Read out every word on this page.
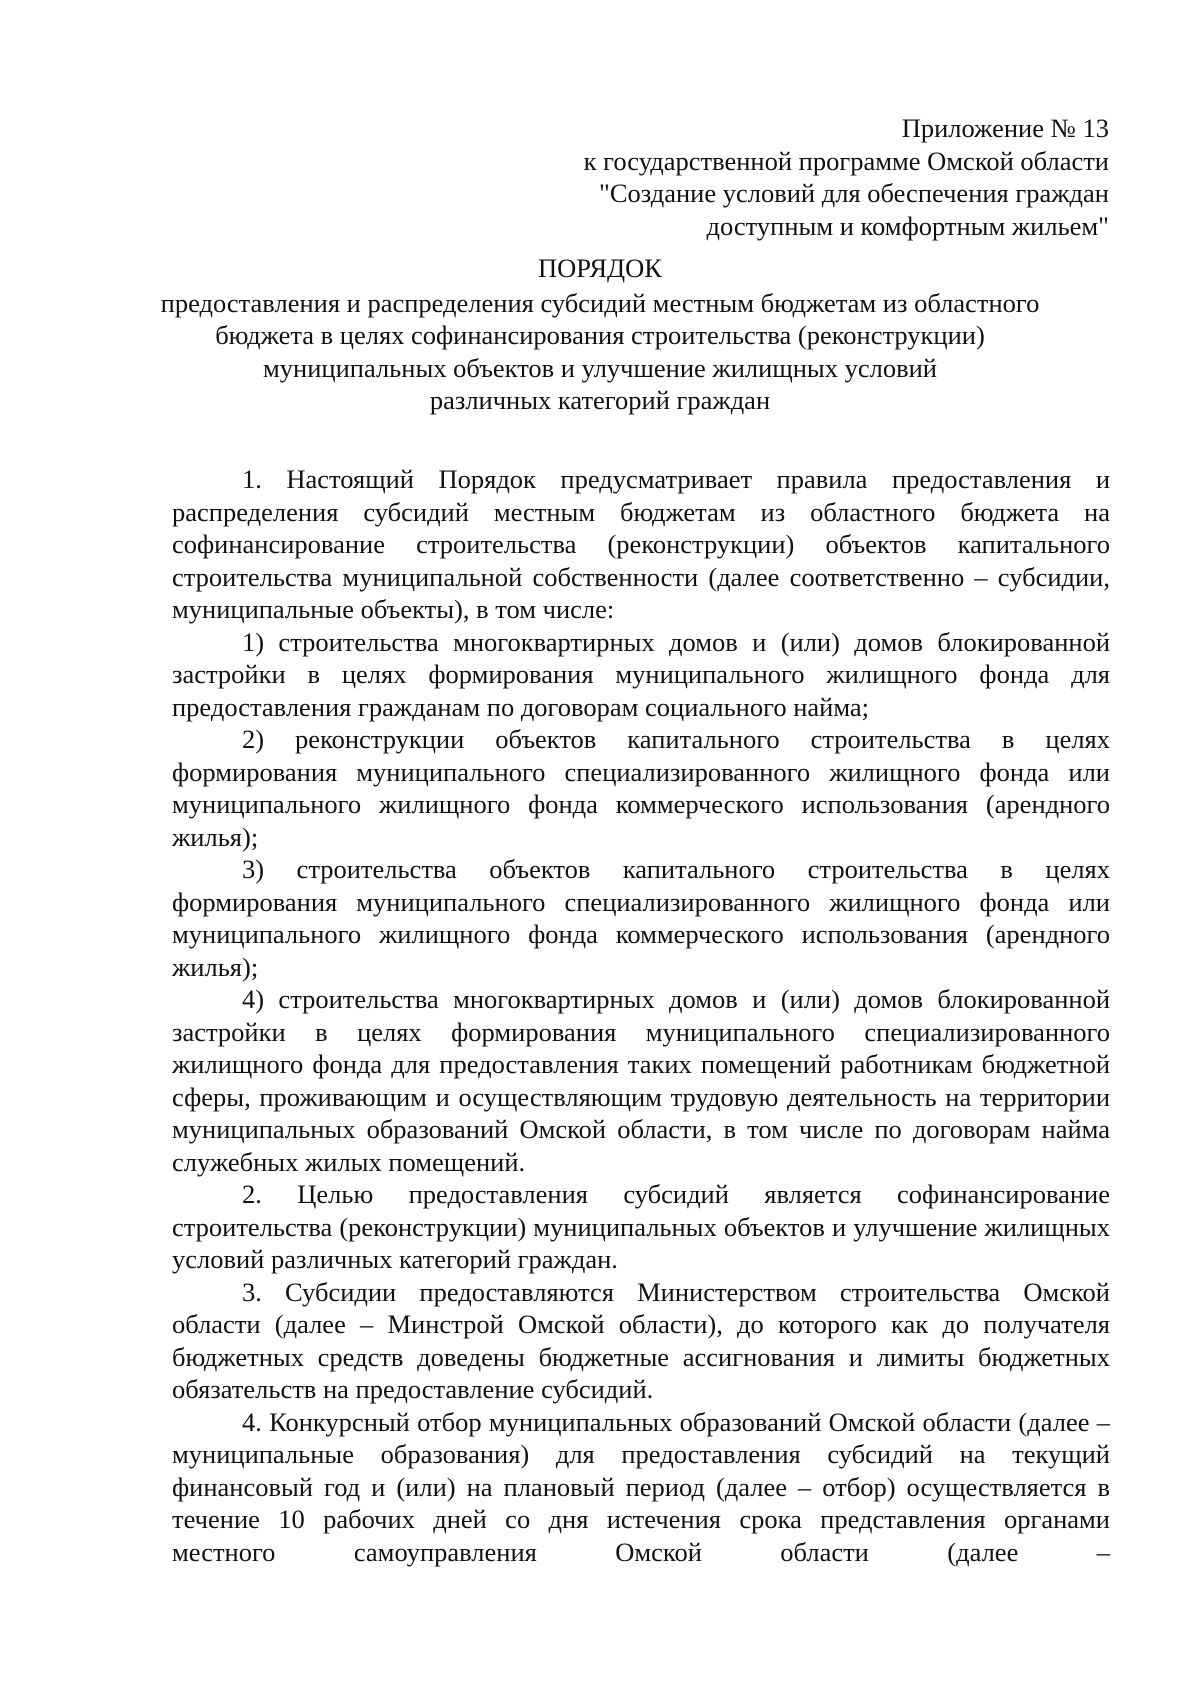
Приложение № 13
к государственной программе Омской области
"Создание условий для обеспечения граждан
доступным и комфортным жильем"
ПОРЯДОК
предоставления и распределения субсидий местным бюджетам из областного
бюджета в целях софинансирования строительства (реконструкции)
муниципальных объектов и улучшение жилищных условий
различных категорий граждан

1. Настоящий Порядок предусматривает правила предоставления и распределения субсидий местным бюджетам из областного бюджета на софинансирование строительства (реконструкции) объектов капитального строительства муниципальной собственности (далее соответственно – субсидии, муниципальные объекты), в том числе:

1) строительства многоквартирных домов и (или) домов блокированной застройки в целях формирования муниципального жилищного фонда для предоставления гражданам по договорам социального найма;

2) реконструкции объектов капитального строительства в целях формирования муниципального специализированного жилищного фонда или муниципального жилищного фонда коммерческого использования (арендного жилья);

3) строительства объектов капитального строительства в целях формирования муниципального специализированного жилищного фонда или муниципального жилищного фонда коммерческого использования (арендного жилья);

4) строительства многоквартирных домов и (или) домов блокированной застройки в целях формирования муниципального специализированного жилищного фонда для предоставления таких помещений работникам бюджетной сферы, проживающим и осуществляющим трудовую деятельность на территории муниципальных образований Омской области, в том числе по договорам найма служебных жилых помещений.

2. Целью предоставления субсидий является софинансирование строительства (реконструкции) муниципальных объектов и улучшение жилищных условий различных категорий граждан.

3. Субсидии предоставляются Министерством строительства Омской области (далее – Минстрой Омской области), до которого как до получателя бюджетных средств доведены бюджетные ассигнования и лимиты бюджетных обязательств на предоставление субсидий.

4. Конкурсный отбор муниципальных образований Омской области (далее – муниципальные образования) для предоставления субсидий на текущий финансовый год и (или) на плановый период (далее – отбор) осуществляется в течение 10 рабочих дней со дня истечения срока представления органами местного самоуправления Омской области (далее –
